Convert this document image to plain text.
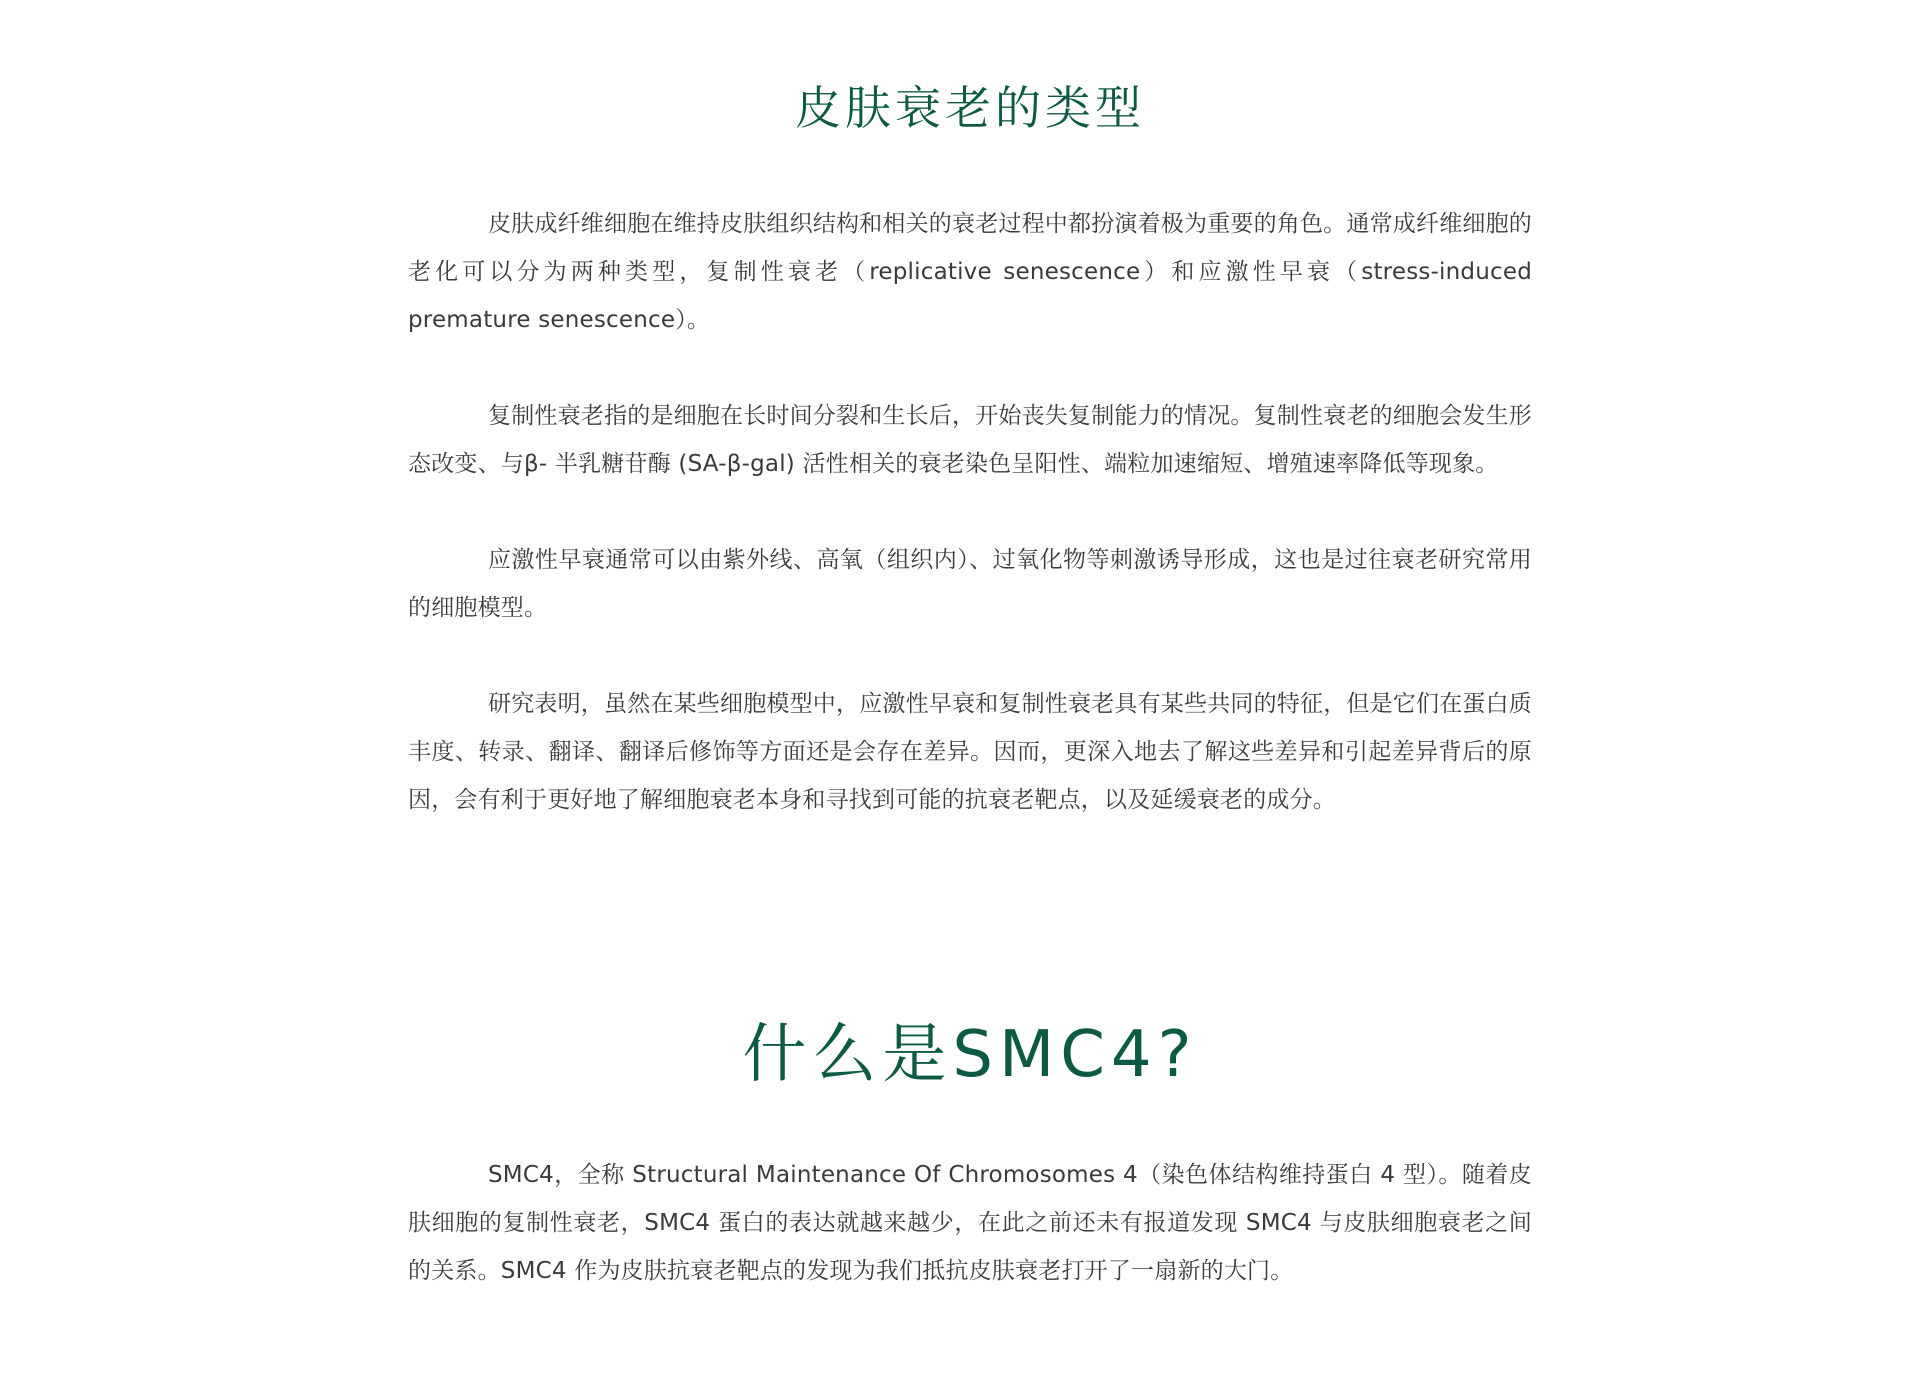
皮肤衰老的类型

皮肤成纤维细胞在维持皮肤组织结构和相关的衰老过程中都扮演着极为重要的角色。通常成纤维细胞的老化可以分为两种类型，复制性衰老（replicative senescence）和应激性早衰（stress-induced premature senescence）。

复制性衰老指的是细胞在长时间分裂和生长后，开始丧失复制能力的情况。复制性衰老的细胞会发生形态改变、与β- 半乳糖苷酶 (SA-β-gal) 活性相关的衰老染色呈阳性、端粒加速缩短、增殖速率降低等现象。

应激性早衰通常可以由紫外线、高氧（组织内）、过氧化物等刺激诱导形成，这也是过往衰老研究常用的细胞模型。

研究表明，虽然在某些细胞模型中，应激性早衰和复制性衰老具有某些共同的特征，但是它们在蛋白质丰度、转录、翻译、翻译后修饰等方面还是会存在差异。因而，更深入地去了解这些差异和引起差异背后的原因，会有利于更好地了解细胞衰老本身和寻找到可能的抗衰老靶点，以及延缓衰老的成分。

什么是SMC4?

SMC4，全称 Structural Maintenance Of Chromosomes 4（染色体结构维持蛋白 4 型）。随着皮肤细胞的复制性衰老，SMC4 蛋白的表达就越来越少，在此之前还未有报道发现 SMC4 与皮肤细胞衰老之间的关系。SMC4 作为皮肤抗衰老靶点的发现为我们抵抗皮肤衰老打开了一扇新的大门。
